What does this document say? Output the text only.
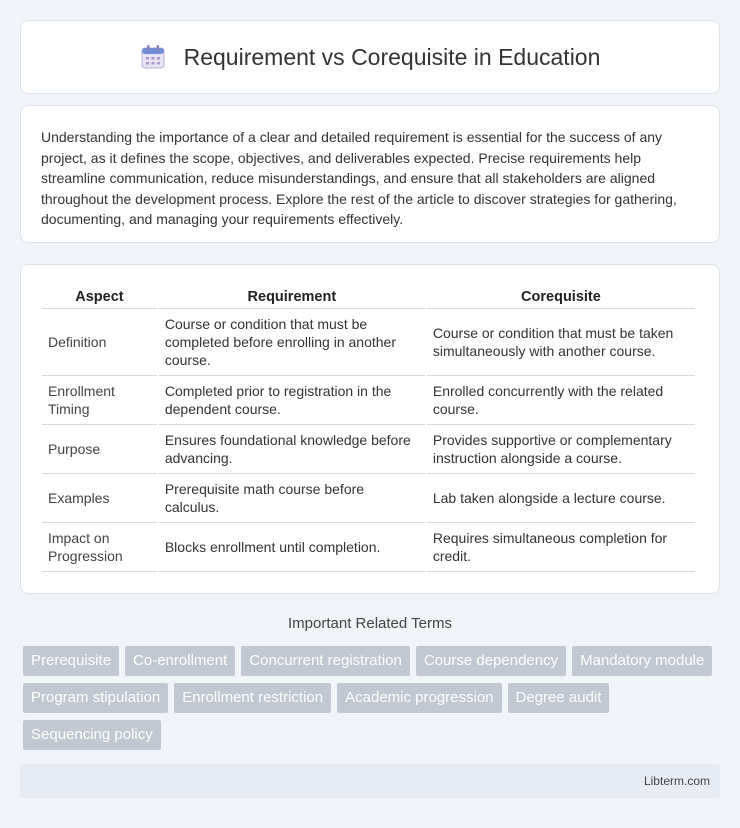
Requirement vs Corequisite in Education

Understanding the importance of a clear and detailed requirement is essential for the success of any project, as it defines the scope, objectives, and deliverables expected. Precise requirements help streamline communication, reduce misunderstandings, and ensure that all stakeholders are aligned throughout the development process. Explore the rest of the article to discover strategies for gathering, documenting, and managing your requirements effectively.

Aspect	Requirement	Corequisite
Definition	Course or condition that must be completed before enrolling in another course.	Course or condition that must be taken simultaneously with another course.
Enrollment Timing	Completed prior to registration in the dependent course.	Enrolled concurrently with the related course.
Purpose	Ensures foundational knowledge before advancing.	Provides supportive or complementary instruction alongside a course.
Examples	Prerequisite math course before calculus.	Lab taken alongside a lecture course.
Impact on Progression	Blocks enrollment until completion.	Requires simultaneous completion for credit.
Important Related Terms
Prerequisite	Co-enrollment	Concurrent registration	Course dependency	Mandatory module
Program stipulation	Enrollment restriction	Academic progression	Degree audit
Sequencing policy
Libterm.com
